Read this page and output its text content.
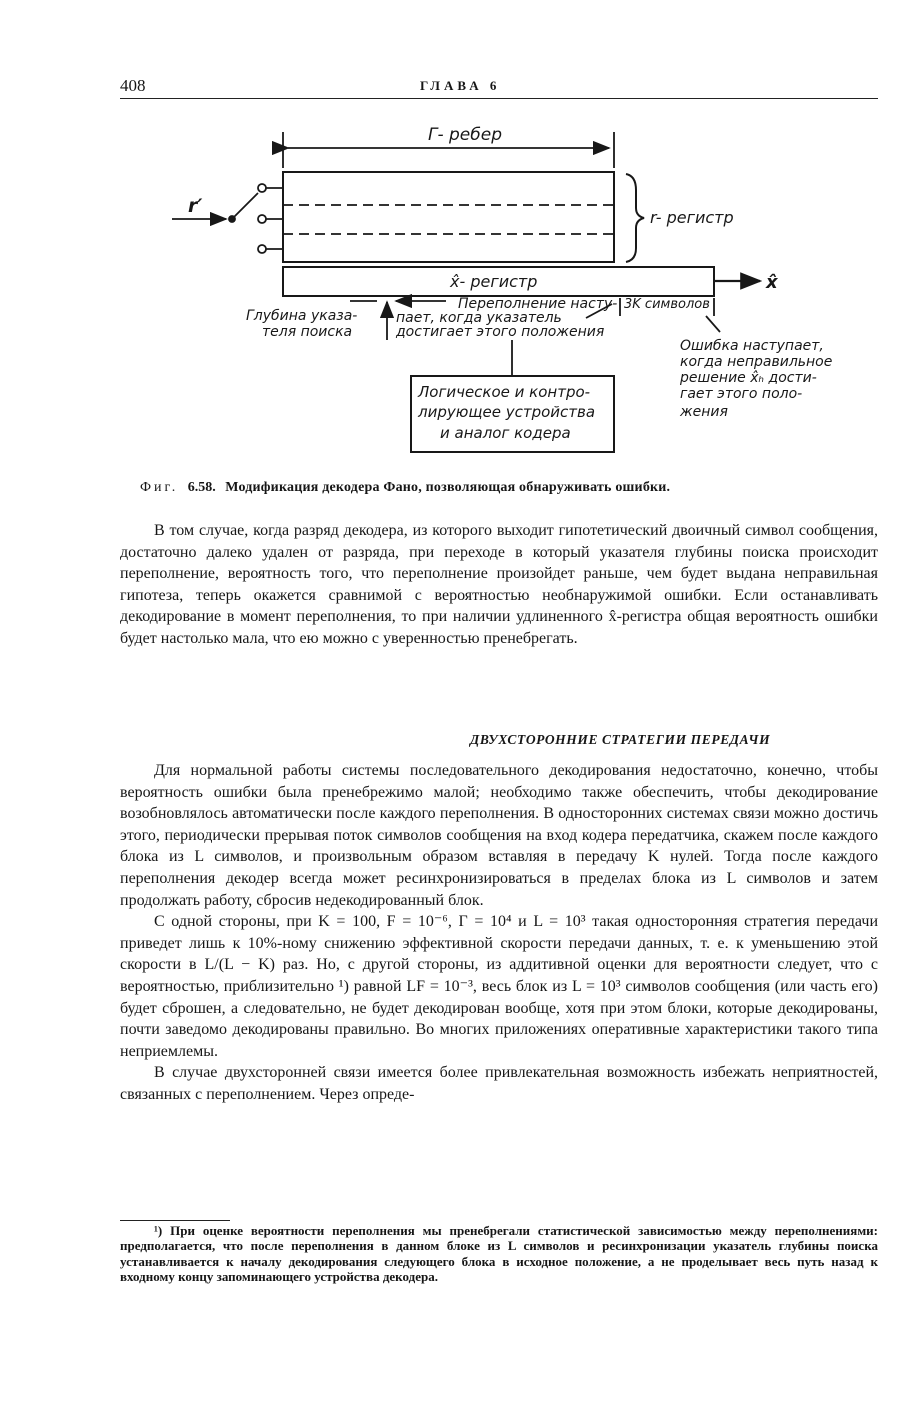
408	ГЛАВА 6
Г- ребер
r′
r- регистр
x̂- регистр	x̂
Глубина указа- теля поиска
Переполнение насту- пает, когда указатель достигает этого положения
3K символов
Ошибка наступает, когда неправильное решение x̂ₕ дости- гает этого поло- жения
Логическое и контро- лирующее устройства и аналог кодера
Фиг. 6.58. Модификация декодера Фано, позволяющая обнаруживать ошибки.

В том случае, когда разряд декодера, из которого выходит гипотетический двоичный символ сообщения, достаточно далеко удален от разряда, при переходе в который указателя глубины поиска происходит переполнение, вероятность того, что переполнение произойдет раньше, чем будет выдана неправильная гипотеза, теперь окажется сравнимой с вероятностью необнаружимой ошибки. Если останавливать декодирование в момент переполнения, то при наличии удлиненного x̂-регистра общая вероятность ошибки будет настолько мала, что ею можно с уверенностью пренебрегать.

ДВУХСТОРОННИЕ СТРАТЕГИИ ПЕРЕДАЧИ

Для нормальной работы системы последовательного декодирования недостаточно, конечно, чтобы вероятность ошибки была пренебрежимо малой; необходимо также обеспечить, чтобы декодирование возобновлялось автоматически после каждого переполнения. В односторонних системах связи можно достичь этого, периодически прерывая поток символов сообщения на вход кодера передатчика, скажем после каждого блока из L символов, и произвольным образом вставляя в передачу K нулей. Тогда после каждого переполнения декодер всегда может ресинхронизироваться в пределах блока из L символов и затем продолжать работу, сбросив недекодированный блок.

С одной стороны, при K = 100, F = 10⁻⁶, Г = 10⁴ и L = 10³ такая односторонняя стратегия передачи приведет лишь к 10%-ному снижению эффективной скорости передачи данных, т. е. к уменьшению этой скорости в L/(L − K) раз. Но, с другой стороны, из аддитивной оценки для вероятности следует, что с вероятностью, приблизительно ¹) равной LF = 10⁻³, весь блок из L = 10³ символов сообщения (или часть его) будет сброшен, а следовательно, не будет декодирован вообще, хотя при этом блоки, которые декодированы, почти заведомо декодированы правильно. Во многих приложениях оперативные характеристики такого типа неприемлемы.

В случае двухсторонней связи имеется более привлекательная возможность избежать неприятностей, связанных с переполнением. Через опреде-

¹) При оценке вероятности переполнения мы пренебрегали статистической зависимостью между переполнениями: предполагается, что после переполнения в данном блоке из L символов и ресинхронизации указатель глубины поиска устанавливается к началу декодирования следующего блока в исходное положение, а не проделывает весь путь назад к входному концу запоминающего устройства декодера.
